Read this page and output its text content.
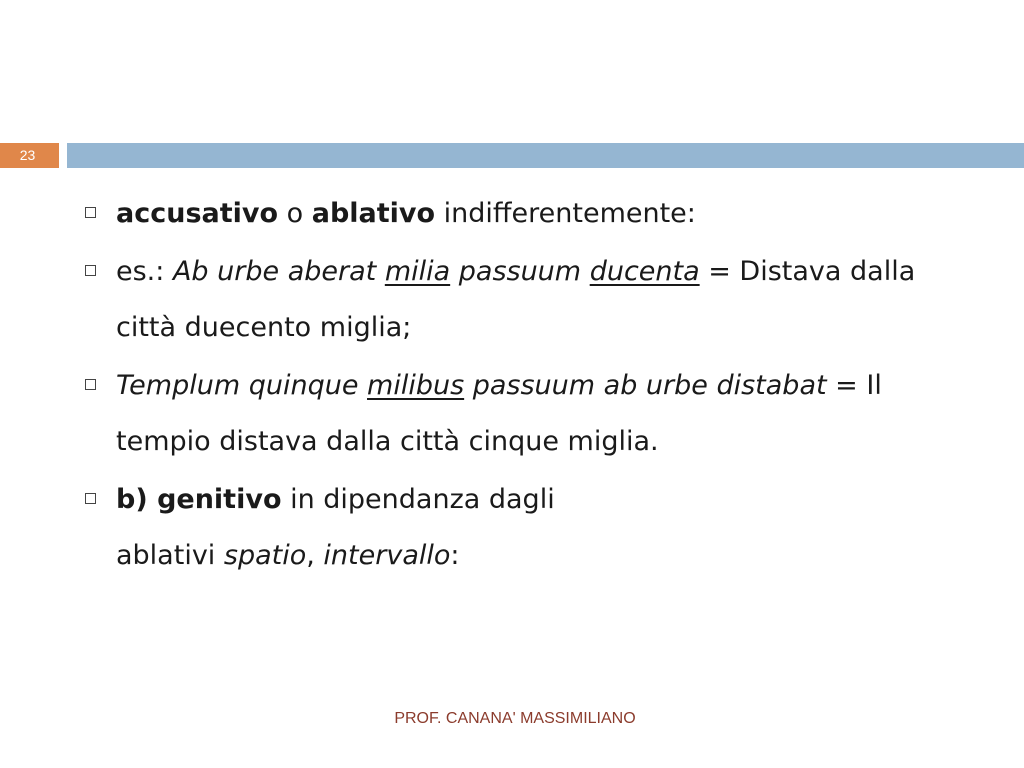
23
accusativo o ablativo indifferentemente:
es.: Ab urbe aberat milia passuum ducenta = Distava dalla città duecento miglia;
Templum quinque milibus passuum ab urbe distabat = Il tempio distava dalla città cinque miglia.
b) genitivo in dipendanza dagli
ablativi spatio, intervallo:
PROF. CANANA' MASSIMILIANO
